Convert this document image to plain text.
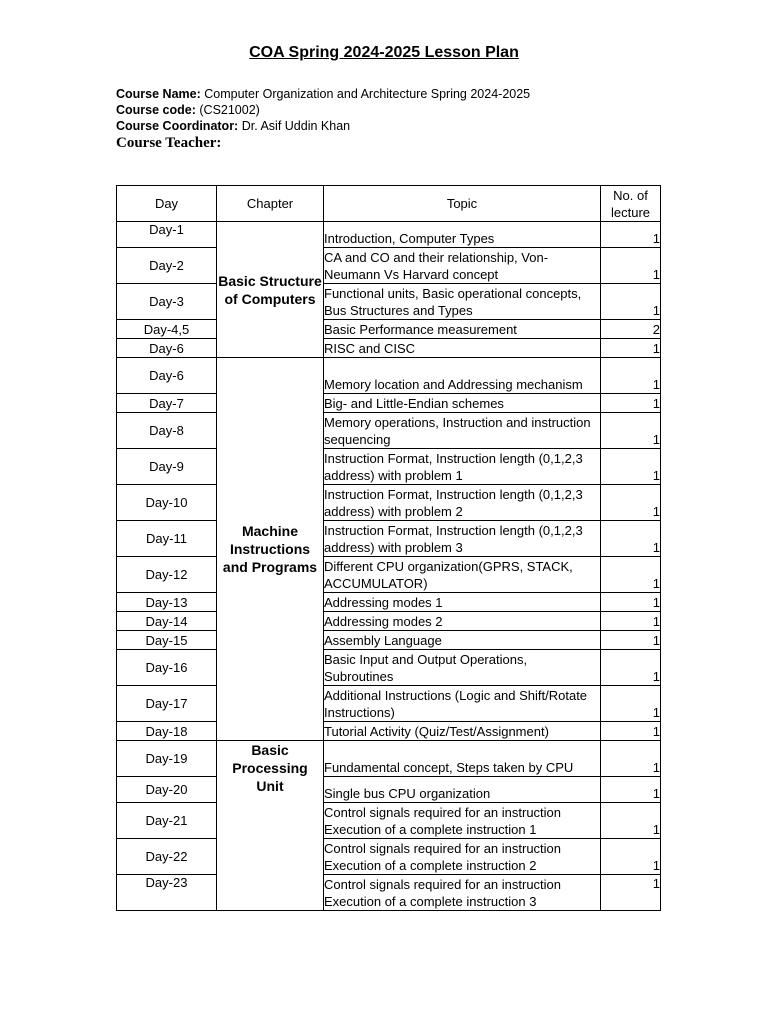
COA Spring 2024-2025 Lesson Plan
Course Name: Computer Organization and Architecture Spring 2024-2025
Course code: (CS21002)
Course Coordinator: Dr. Asif Uddin Khan
Course Teacher:
Day	Chapter	Topic	No. of lecture
Day-1	Basic Structure of Computers	Introduction, Computer Types	1
Day-2		CA and CO and their relationship, Von-Neumann Vs Harvard concept	1
Day-3		Functional units, Basic operational concepts, Bus Structures and Types	1
Day-4,5		Basic Performance measurement	2
Day-6		RISC and CISC	1
Day-6	Machine Instructions and Programs	Memory location and Addressing mechanism	1
Day-7		Big- and Little-Endian schemes	1
Day-8		Memory operations, Instruction and instruction sequencing	1
Day-9		Instruction Format, Instruction length (0,1,2,3 address) with problem 1	1
Day-10		Instruction Format, Instruction length (0,1,2,3 address) with problem 2	1
Day-11		Instruction Format, Instruction length (0,1,2,3 address) with problem 3	1
Day-12		Different CPU organization(GPRS, STACK, ACCUMULATOR)	1
Day-13		Addressing modes 1	1
Day-14		Addressing modes 2	1
Day-15		Assembly Language	1
Day-16		Basic Input and Output Operations, Subroutines	1
Day-17		Additional Instructions (Logic and Shift/Rotate Instructions)	1
Day-18		Tutorial Activity (Quiz/Test/Assignment)	1
Day-19	Basic Processing Unit	Fundamental concept, Steps taken by CPU	1
Day-20		Single bus CPU organization	1
Day-21		Control signals required for an instruction Execution of a complete instruction 1	1
Day-22		Control signals required for an instruction Execution of a complete instruction 2	1
Day-23		Control signals required for an instruction Execution of a complete instruction 3	1
